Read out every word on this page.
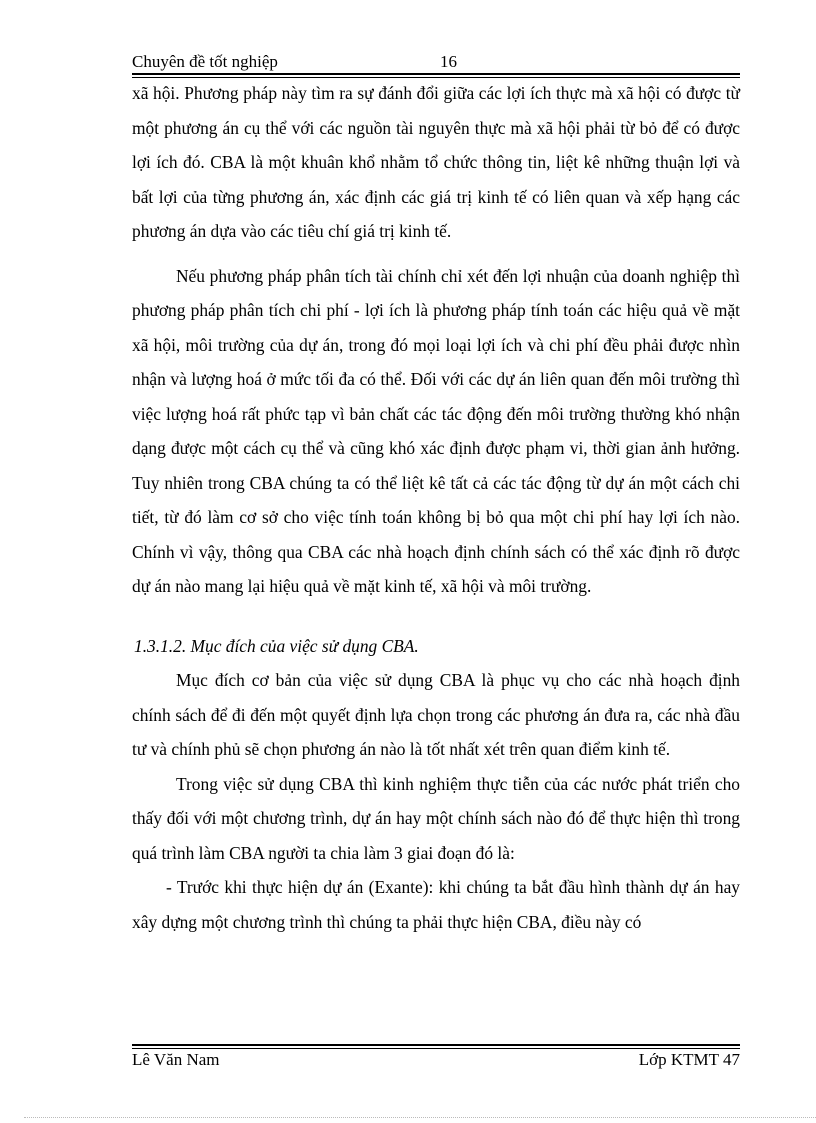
Chuyên đề tốt nghiệp	16

xã hội. Phương pháp này tìm ra sự đánh đổi giữa các lợi ích thực mà xã hội có được từ một phương án cụ thể với các nguồn tài nguyên thực mà xã hội phải từ bỏ để có được lợi ích đó. CBA là một khuân khổ nhằm tổ chức thông tin, liệt kê những thuận lợi và bất lợi của từng phương án, xác định các giá trị kinh tế có liên quan và xếp hạng các phương án dựa vào các tiêu chí giá trị kinh tế.

Nếu phương pháp phân tích tài chính chỉ xét đến lợi nhuận của doanh nghiệp thì phương pháp phân tích chi phí - lợi ích là phương pháp tính toán các hiệu quả về mặt xã hội, môi trường của dự án, trong đó mọi loại lợi ích và chi phí đều phải được nhìn nhận và lượng hoá ở mức tối đa có thể. Đối với các dự án liên quan đến môi trường thì việc lượng hoá rất phức tạp vì bản chất các tác động đến môi trường thường khó nhận dạng được một cách cụ thể và cũng khó xác định được phạm vi, thời gian ảnh hưởng. Tuy nhiên trong CBA chúng ta có thể liệt kê tất cả các tác động từ dự án một cách chi tiết, từ đó làm cơ sở cho việc tính toán không bị bỏ qua một chi phí hay lợi ích nào. Chính vì vậy, thông qua CBA các nhà hoạch định chính sách có thể xác định rõ được dự án nào mang lại hiệu quả về mặt kinh tế, xã hội và môi trường.

1.3.1.2. Mục đích của việc sử dụng CBA.

Mục đích cơ bản của việc sử dụng CBA là phục vụ cho các nhà hoạch định chính sách để đi đến một quyết định lựa chọn trong các phương án đưa ra, các nhà đầu tư và chính phủ sẽ chọn phương án nào là tốt nhất xét trên quan điểm kinh tế.

Trong việc sử dụng CBA thì kinh nghiệm thực tiễn của các nước phát triển cho thấy đối với một chương trình, dự án hay một chính sách nào đó để thực hiện thì trong quá trình làm CBA người ta chia làm 3 giai đoạn đó là:

- Trước khi thực hiện dự án (Exante): khi chúng ta bắt đầu hình thành dự án hay xây dựng một chương trình thì chúng ta phải thực hiện CBA, điều này có

Lê Văn Nam	Lớp KTMT 47
